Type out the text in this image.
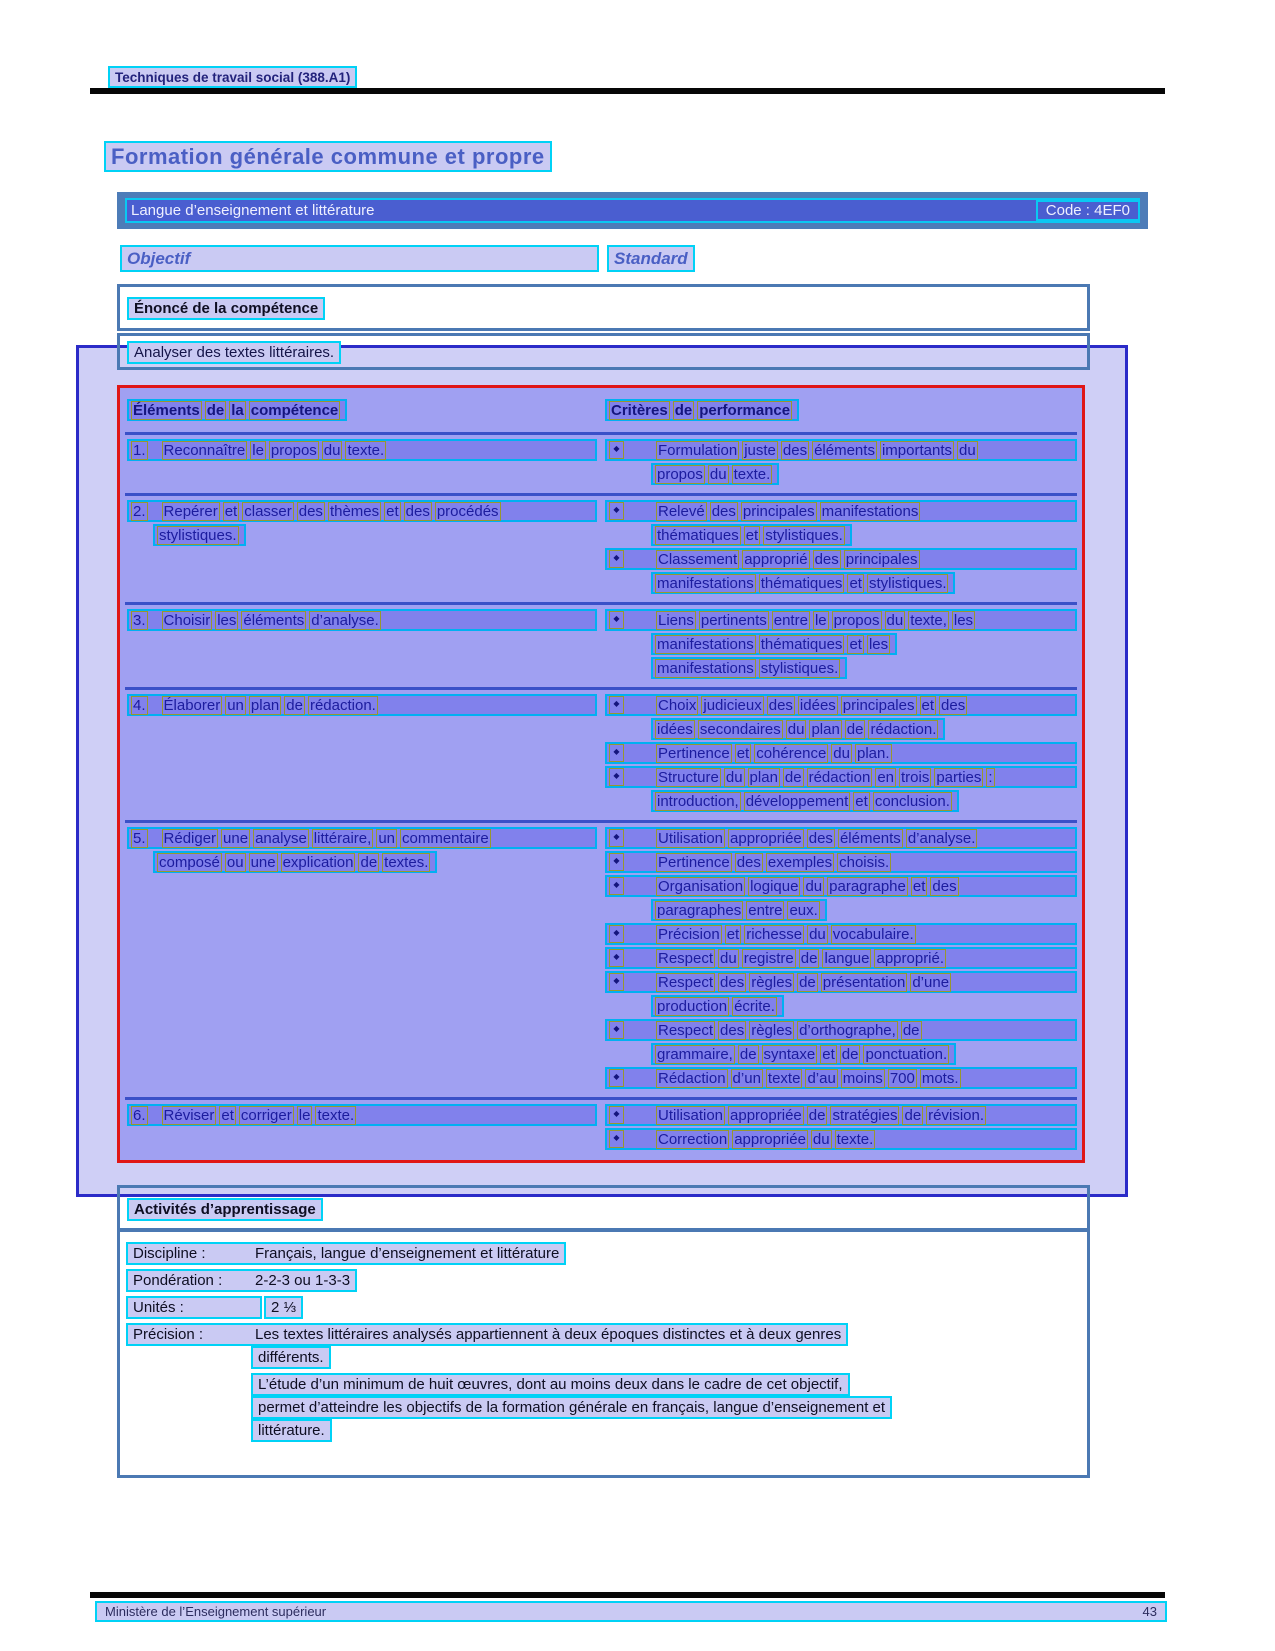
Techniques de travail social (388.A1)
Formation générale commune et propre
Langue d’enseignement et littérature	Code : 4EF0
Objectif	Standard
Énoncé de la compétence
Analyser des textes littéraires.
Éléments de la compétence	Critères de performance
1. Reconnaître le propos du texte.	◆	Formulation juste des éléments importants du
propos du texte.
2. Repérer et classer des thèmes et des procédés
stylistiques.
◆	Relevé des principales manifestations
thématiques et stylistiques.
◆	Classement approprié des principales
manifestations thématiques et stylistiques.
3. Choisir les éléments d’analyse.	◆	Liens pertinents entre le propos du texte, les
manifestations thématiques et les
manifestations stylistiques.
4. Élaborer un plan de rédaction.	◆	Choix judicieux des idées principales et des
idées secondaires du plan de rédaction.
◆	Pertinence et cohérence du plan.
◆	Structure du plan de rédaction en trois parties :
introduction, développement et conclusion.
5. Rédiger une analyse littéraire, un commentaire
composé ou une explication de textes.
◆	Utilisation appropriée des éléments d’analyse.
◆	Pertinence des exemples choisis.
◆	Organisation logique du paragraphe et des
paragraphes entre eux.
◆	Précision et richesse du vocabulaire.
◆	Respect du registre de langue approprié.
◆	Respect des règles de présentation d’une
production écrite.
◆	Respect des règles d’orthographe, de
grammaire, de syntaxe et de ponctuation.
◆	Rédaction d’un texte d’au moins 700 mots.
6. Réviser et corriger le texte.	◆	Utilisation appropriée de stratégies de révision.
◆	Correction appropriée du texte.
Activités d’apprentissage
Discipline :	Français, langue d’enseignement et littérature
Pondération :	2-2-3 ou 1-3-3
Unités :	2 ⅓
Précision :	Les textes littéraires analysés appartiennent à deux époques distinctes et à deux genres
différents.
L’étude d’un minimum de huit œuvres, dont au moins deux dans le cadre de cet objectif,
permet d’atteindre les objectifs de la formation générale en français, langue d’enseignement et
littérature.
Ministère de l’Enseignement supérieur	43
